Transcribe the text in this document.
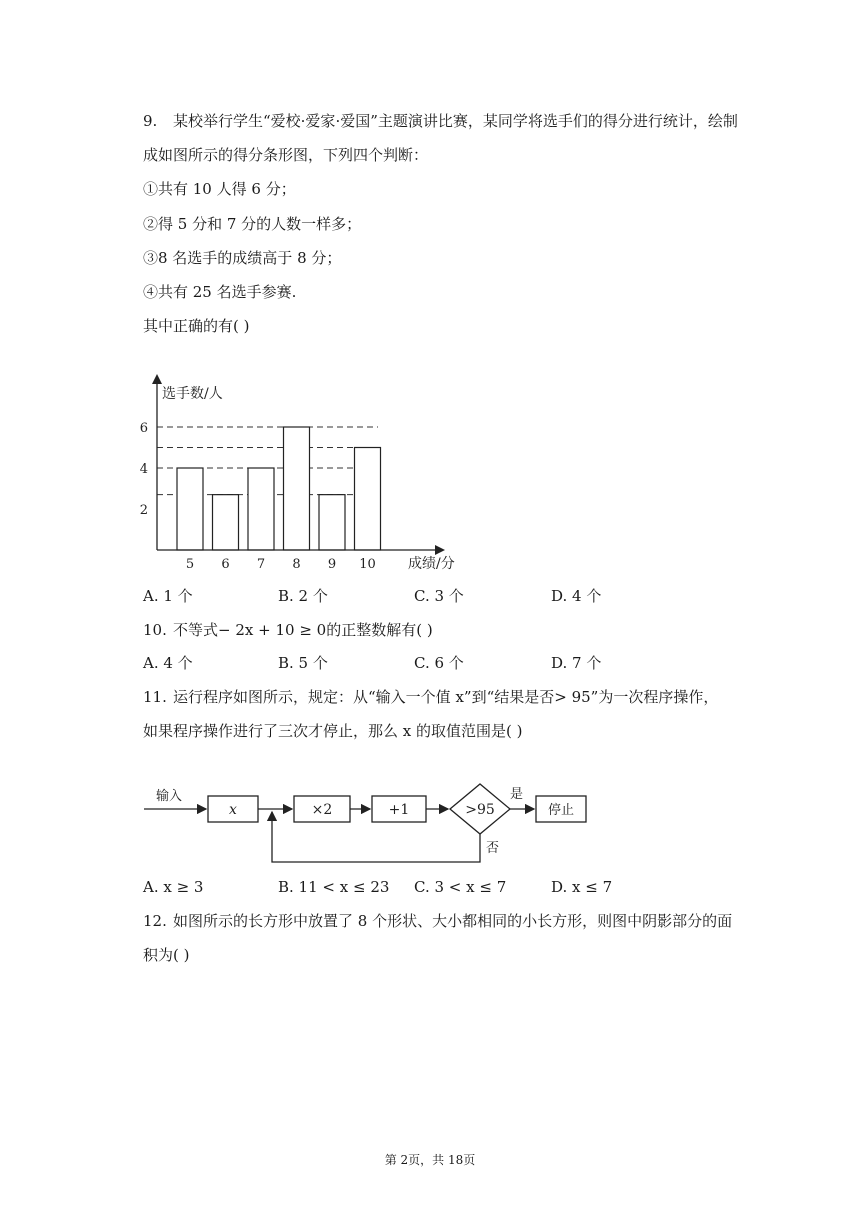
9. 某校举行学生“爱校·爱家·爱国”主题演讲比赛，某同学将选手们的得分进行统计，绘制
成如图所示的得分条形图，下列四个判断：
①共有 10 人得 6 分；
②得 5 分和 7 分的人数一样多；
③8 名选手的成绩高于 8 分；
④共有 25 名选手参赛.
其中正确的有( )
5 6 7 8 9 10
2
4
6
选手数/人
成绩/分
A. 1 个	B. 2 个	C. 3 个	D. 4 个
10. 不等式− 2x + 10 ≥ 0的正整数解有( )
A. 4 个	B. 5 个	C. 6 个	D. 7 个
11. 运行程序如图所示，规定：从“输入一个值 x”到“结果是否> 95”为一次程序操作，
如果程序操作进行了三次才停止，那么 x 的取值范围是( )
输入
x	×2	+1	>95
是
停止
否
A. x ≥ 3	B. 11 < x ≤ 23 C. 3 < x ≤ 7	D. x ≤ 7
12. 如图所示的长方形中放置了 8 个形状、大小都相同的小长方形，则图中阴影部分的面
积为( )
第 2页，共 18页
